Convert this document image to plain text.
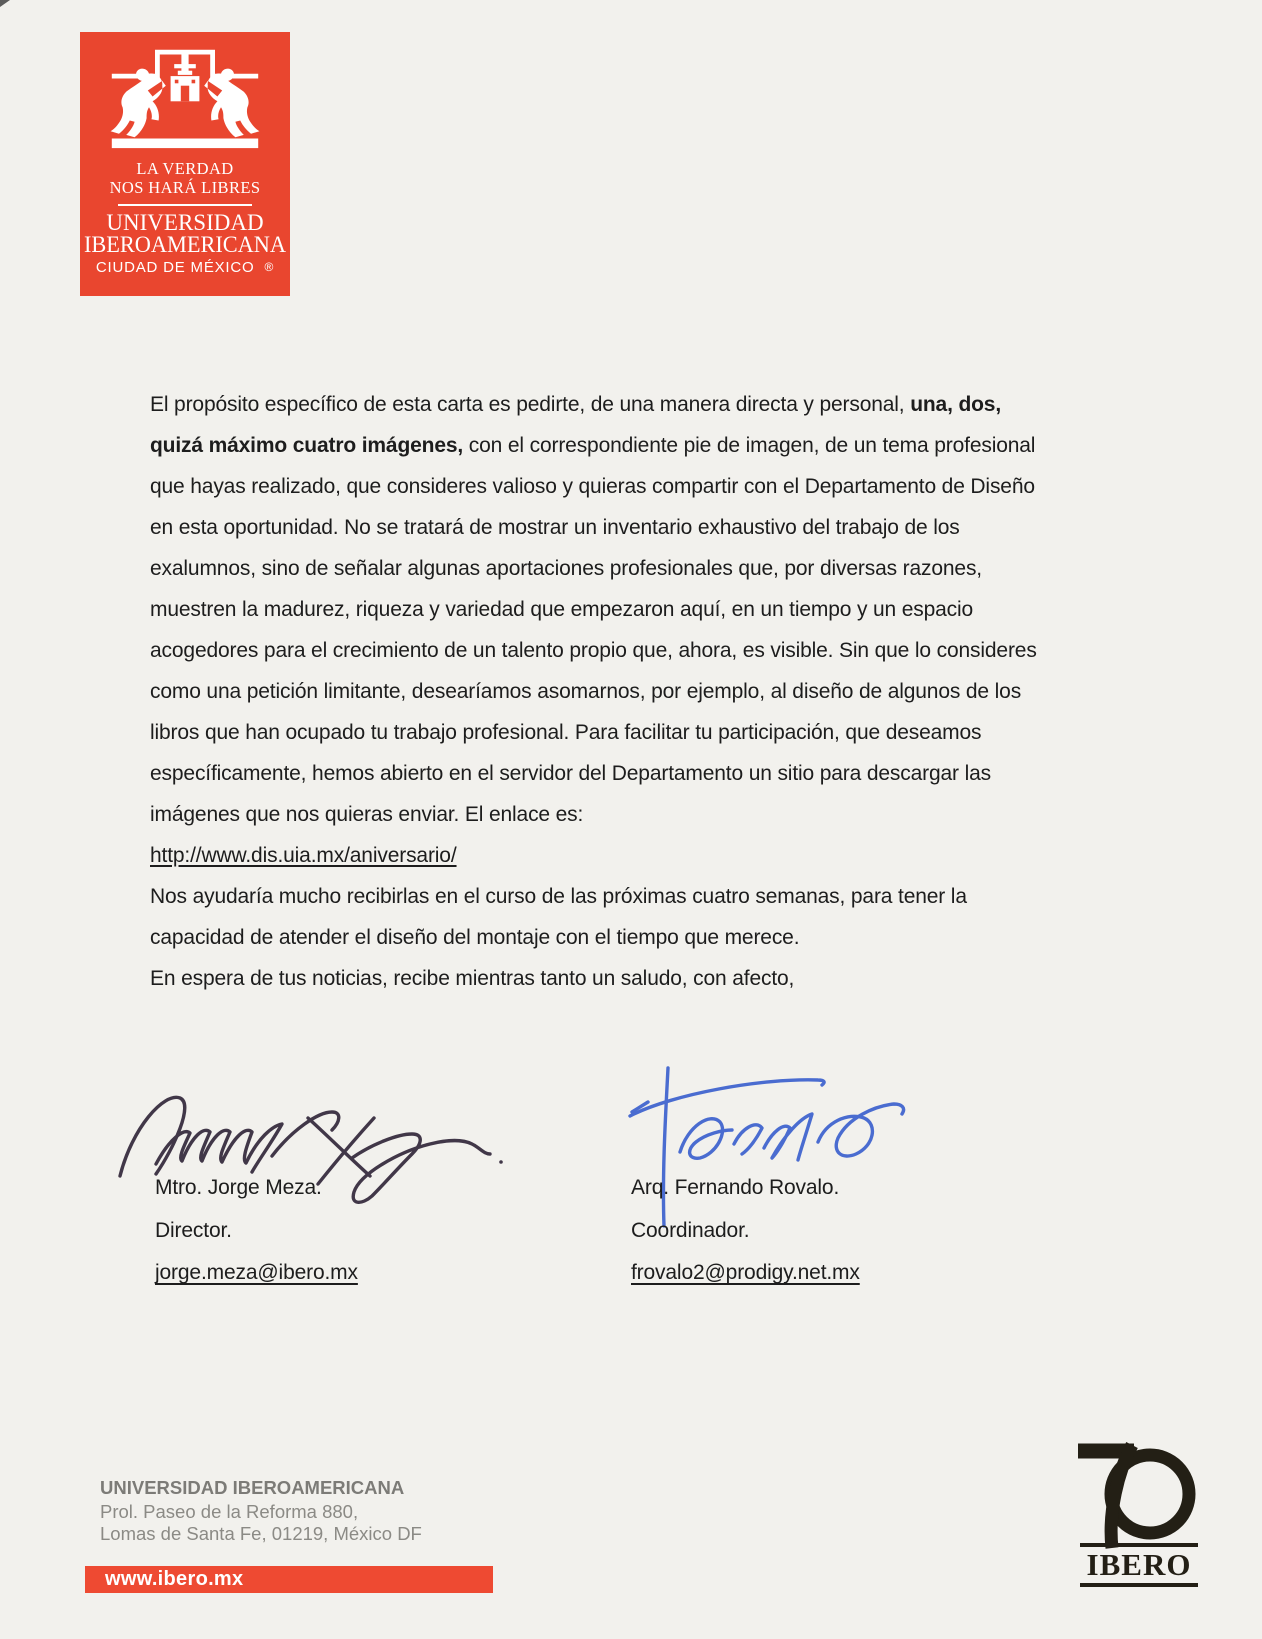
LA VERDAD
NOS HARÁ LIBRES
UNIVERSIDAD
IBEROAMERICANA
CIUDAD DE MÉXICO ®

El propósito específico de esta carta es pedirte, de una manera directa y personal, una, dos, quizá máximo cuatro imágenes, con el correspondiente pie de imagen, de un tema profesional que hayas realizado, que consideres valioso y quieras compartir con el Departamento de Diseño en esta oportunidad. No se tratará de mostrar un inventario exhaustivo del trabajo de los exalumnos, sino de señalar algunas aportaciones profesionales que, por diversas razones, muestren la madurez, riqueza y variedad que empezaron aquí, en un tiempo y un espacio acogedores para el crecimiento de un talento propio que, ahora, es visible. Sin que lo consideres como una petición limitante, desearíamos asomarnos, por ejemplo, al diseño de algunos de los libros que han ocupado tu trabajo profesional. Para facilitar tu participación, que deseamos específicamente, hemos abierto en el servidor del Departamento un sitio para descargar las imágenes que nos quieras enviar. El enlace es:

http://www.dis.uia.mx/aniversario/

Nos ayudaría mucho recibirlas en el curso de las próximas cuatro semanas, para tener la capacidad de atender el diseño del montaje con el tiempo que merece.

En espera de tus noticias, recibe mientras tanto un saludo, con afecto,

Mtro. Jorge Meza.
Director.
jorge.meza@ibero.mx
Arq. Fernando Rovalo.
Coordinador.
frovalo2@prodigy.net.mx
UNIVERSIDAD IBEROAMERICANA
Prol. Paseo de la Reforma 880,
Lomas de Santa Fe, 01219, México DF
www.ibero.mx	IBERO
